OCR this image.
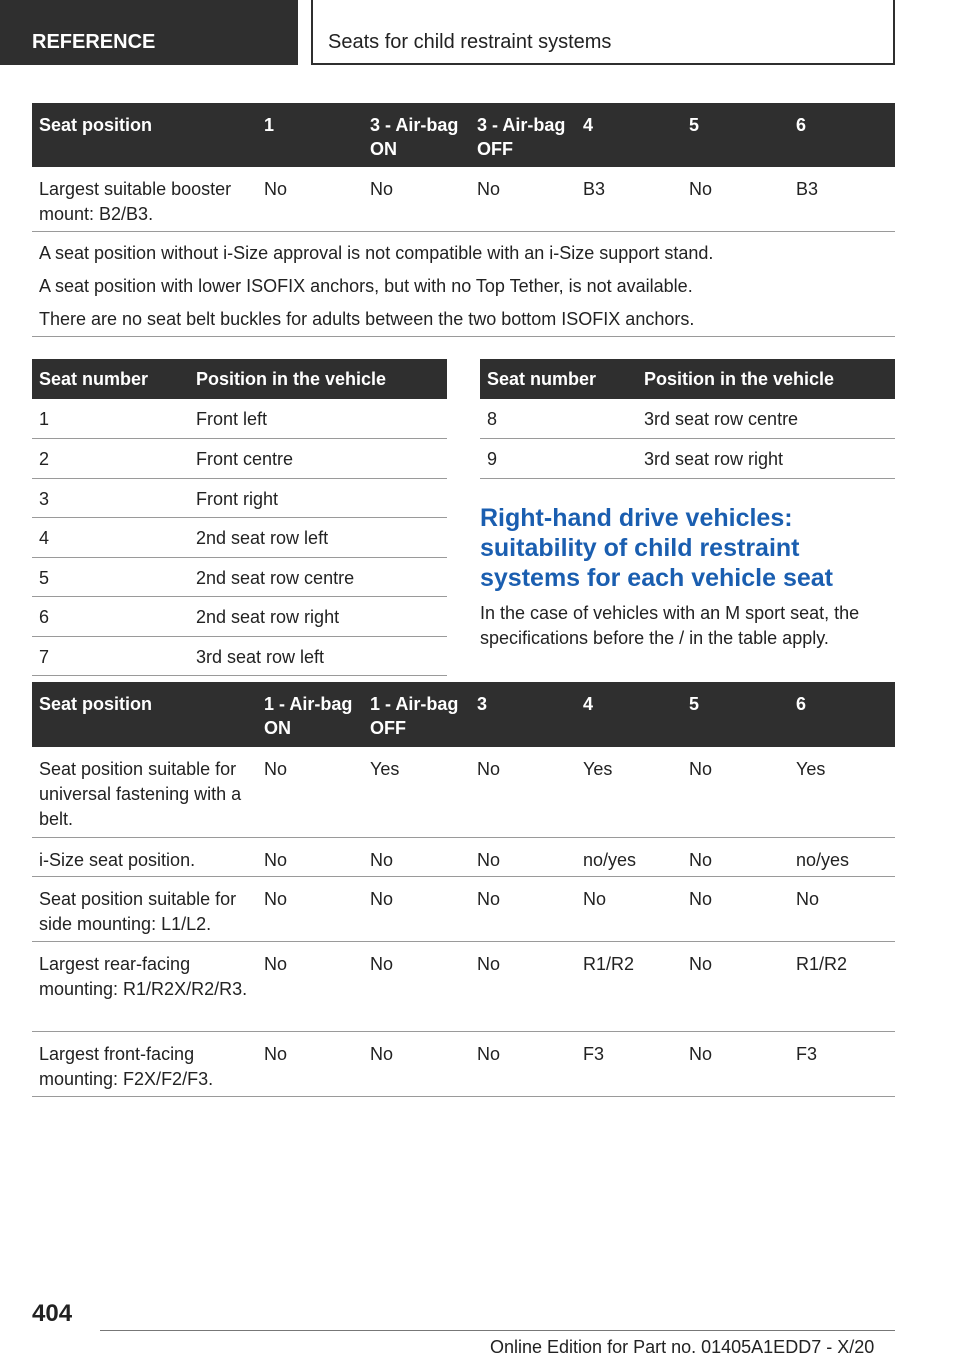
REFERENCE	Seats for child restraint systems
Seat position	1	3 - Air-bag ON	3 - Air-bag OFF	4	5	6
Largest suitable booster mount: B2/B3.	No	No	No	B3	No	B3

A seat position without i-Size approval is not compatible with an i-Size support stand.
A seat position with lower ISOFIX anchors, but with no Top Tether, is not available.
There are no seat belt buckles for adults between the two bottom ISOFIX anchors.						
Seat number	Position in the vehicle
1	Front left
2	Front centre
3	Front right
4	2nd seat row left
5	2nd seat row centre
6	2nd seat row right
7	3rd seat row left
Seat number	Position in the vehicle
8	3rd seat row centre
9	3rd seat row right
Right-hand drive vehicles: suitability of child restraint systems for each vehicle seat
In the case of vehicles with an M sport seat, the specifications before the / in the table apply.
Seat position	1 - Air-bag ON	1 - Air-bag OFF	3	4	5	6
Seat position suitable for universal fastening with a belt.	No	Yes	No	Yes	No	Yes
i-Size seat position.	No	No	No	no/yes	No	no/yes
Seat position suitable for side mounting: L1/L2.	No	No	No	No	No	No
Largest rear-facing mounting: R1/R2X/R2/R3.	No	No	No	R1/R2	No	R1/R2
Largest front-facing mounting: F2X/F2/F3.	No	No	No	F3	No	F3
404
Online Edition for Part no. 01405A1EDD7 - X/20
